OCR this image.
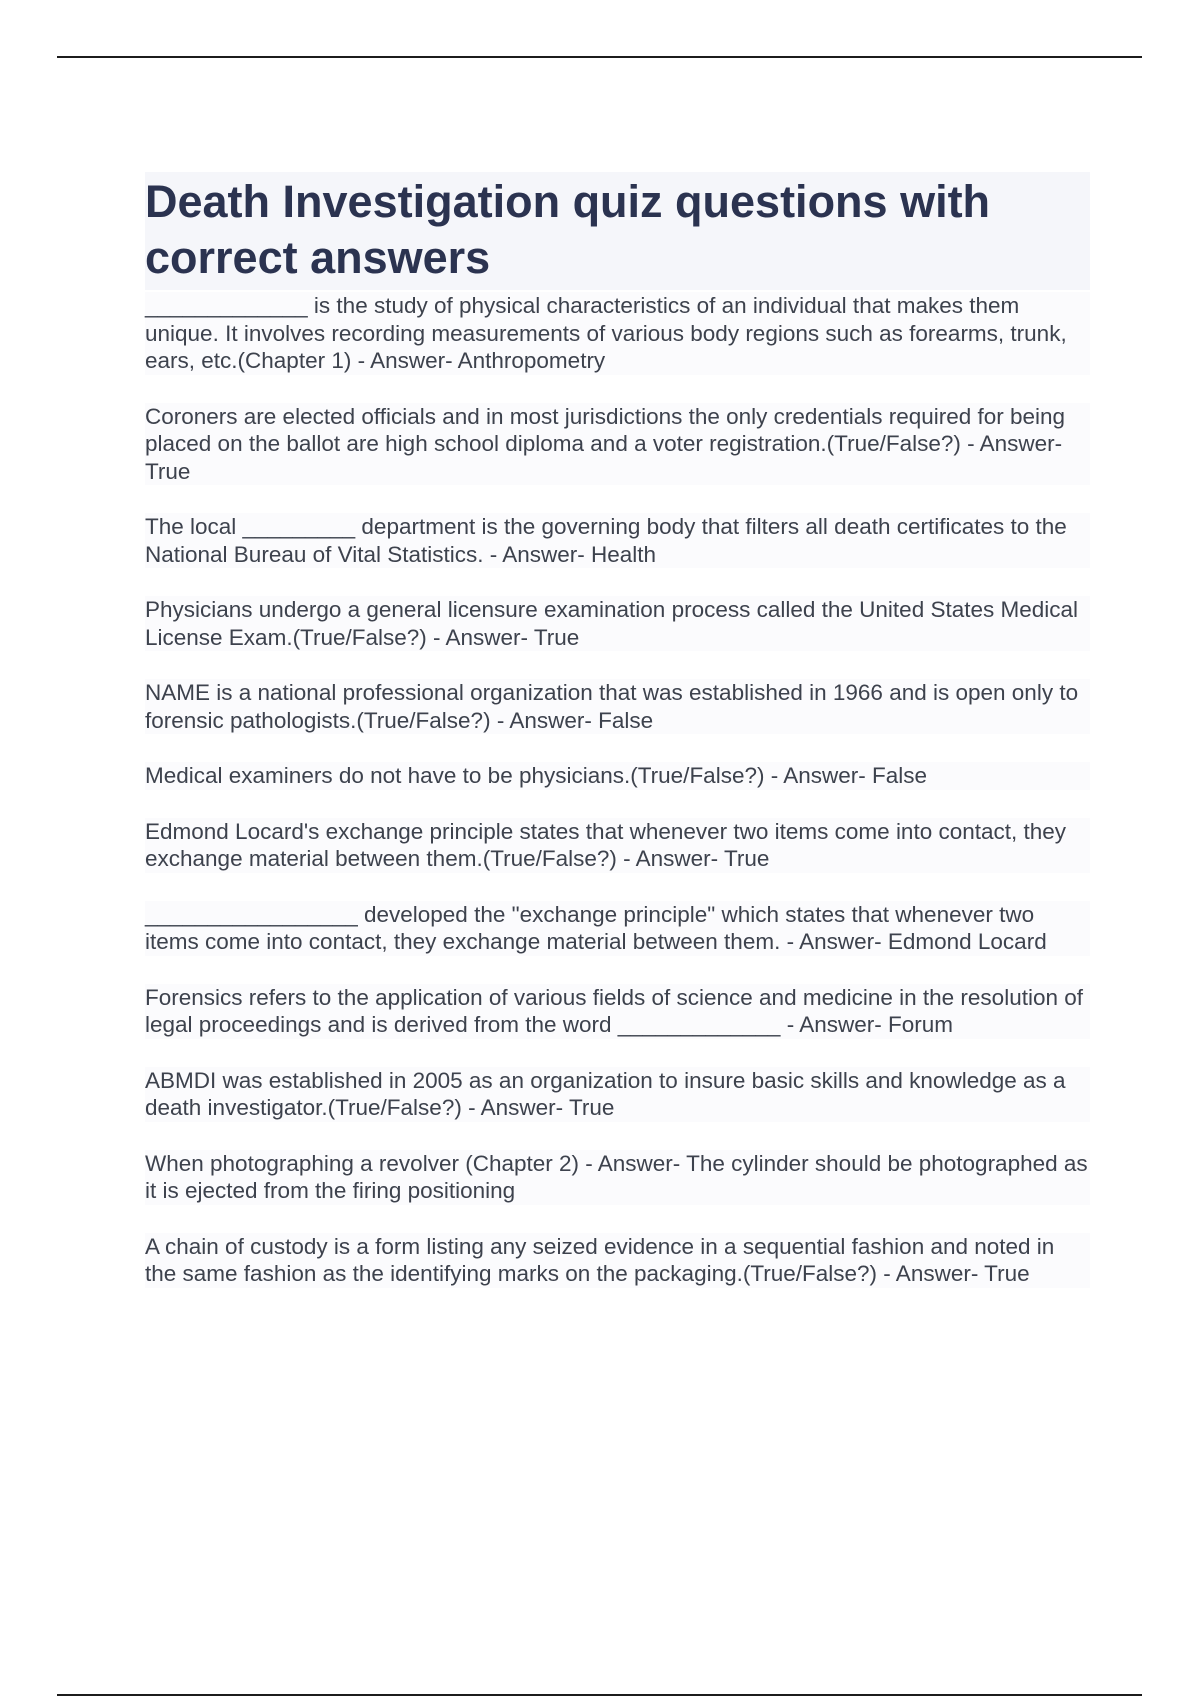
Death Investigation quiz questions with correct answers

_____________ is the study of physical characteristics of an individual that makes them unique. It involves recording measurements of various body regions such as forearms, trunk, ears, etc.(Chapter 1) - Answer- Anthropometry

Coroners are elected officials and in most jurisdictions the only credentials required for being placed on the ballot are high school diploma and a voter registration.(True/False?) - Answer- True

The local _________ department is the governing body that filters all death certificates to the National Bureau of Vital Statistics. - Answer- Health

Physicians undergo a general licensure examination process called the United States Medical License Exam.(True/False?) - Answer- True

NAME is a national professional organization that was established in 1966 and is open only to forensic pathologists.(True/False?) - Answer- False

Medical examiners do not have to be physicians.(True/False?) - Answer- False

Edmond Locard's exchange principle states that whenever two items come into contact, they exchange material between them.(True/False?) - Answer- True

_________________ developed the "exchange principle" which states that whenever two items come into contact, they exchange material between them. - Answer- Edmond Locard

Forensics refers to the application of various fields of science and medicine in the resolution of legal proceedings and is derived from the word _____________ - Answer- Forum

ABMDI was established in 2005 as an organization to insure basic skills and knowledge as a death investigator.(True/False?) - Answer- True

When photographing a revolver (Chapter 2) - Answer- The cylinder should be photographed as it is ejected from the firing positioning

A chain of custody is a form listing any seized evidence in a sequential fashion and noted in the same fashion as the identifying marks on the packaging.(True/False?) - Answer- True
